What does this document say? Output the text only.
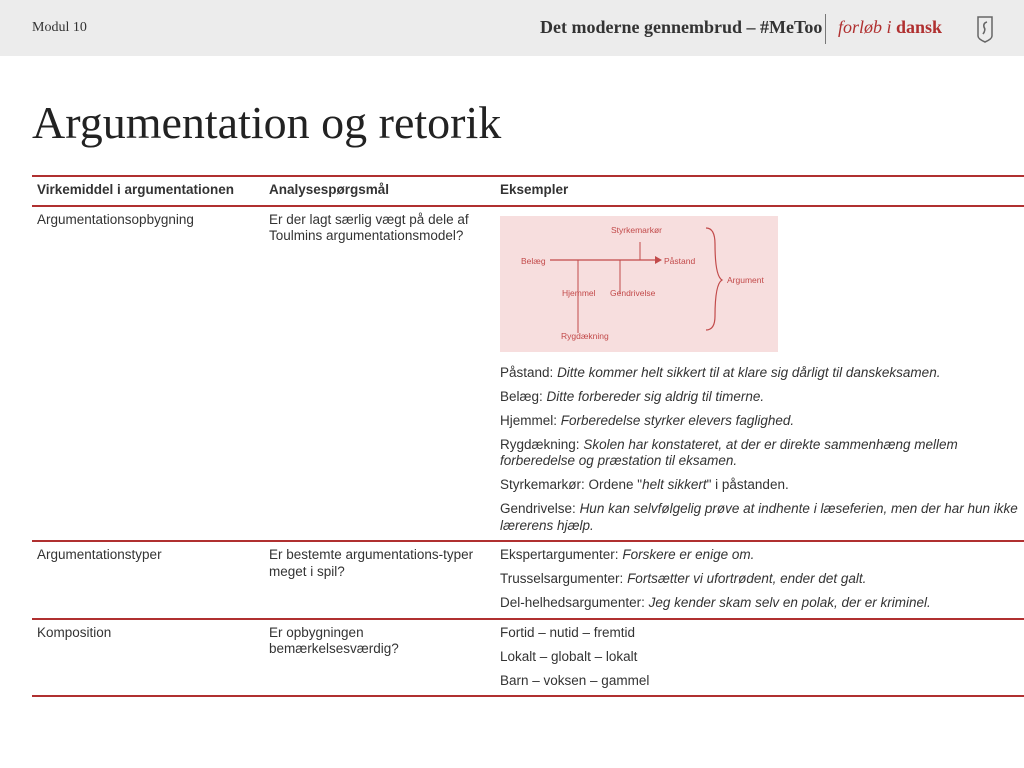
Modul 10	Det moderne gennembrud – #MeToo forløb i dansk
Argumentation og retorik
Virkemiddel i argumentationen	Analysespørgsmål	Eksempler
Argumentationsopbygning	Er der lagt særlig vægt på dele af Toulmins argumentationsmodel?	Styrkemarkør
Belæg	Påstand
Argument
Hjemmel Gendrivelse
Rygdækning
Påstand: Ditte kommer helt sikkert til at klare sig dårligt til danskeksamen.
Belæg: Ditte forbereder sig aldrig til timerne.
Hjemmel: Forberedelse styrker elevers faglighed.
Rygdækning: Skolen har konstateret, at der er direkte sammenhæng mellem forberedelse og præstation til eksamen.
Styrkemarkør: Ordene "helt sikkert" i påstanden.
Gendrivelse: Hun kan selvfølgelig prøve at indhente i læseferien, men der har hun ikke lærerens hjælp.
Argumentationstyper	Er bestemte argumentations-typer meget i spil?
Ekspertargumenter: Forskere er enige om.
Trusselsargumenter: Fortsætter vi ufortrødent, ender det galt.
Del-helhedsargumenter: Jeg kender skam selv en polak, der er kriminel.
Komposition	Er opbygningen bemærkelsesværdig?
Fortid – nutid – fremtid
Lokalt – globalt – lokalt
Barn – voksen – gammel
